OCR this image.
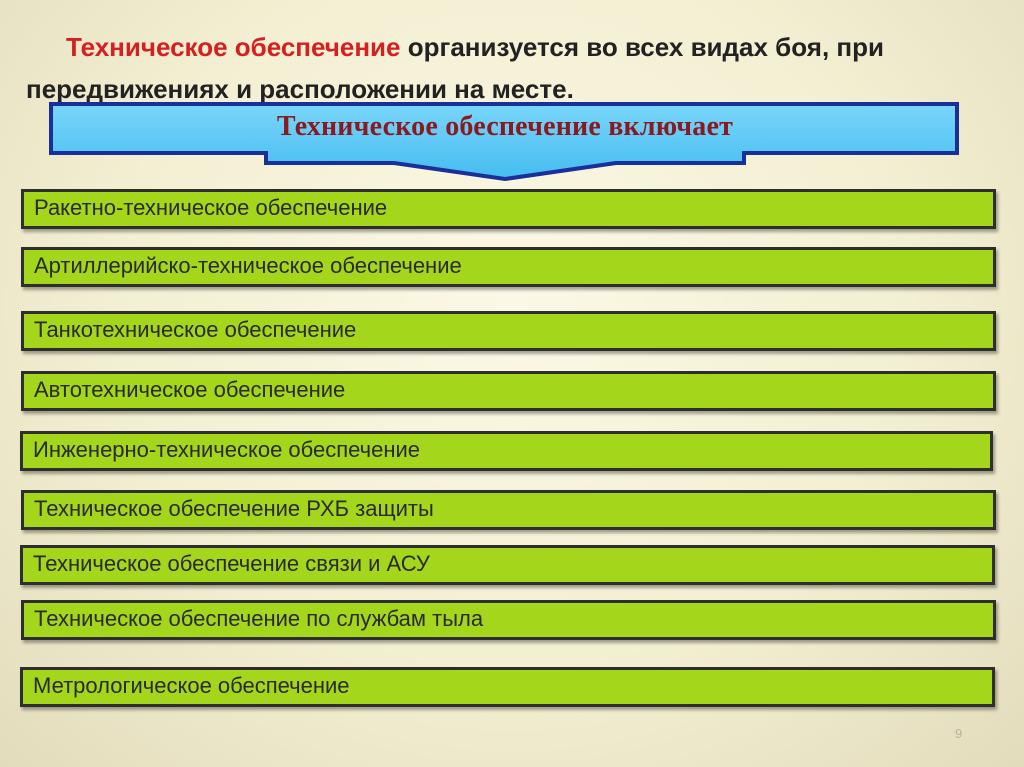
Техническое обеспечение организуется во всех видах боя, при
передвижениях и расположении на месте.
Техническое обеспечение включает
Ракетно-техническое обеспечение
Артиллерийско-техническое обеспечение
Танкотехническое обеспечение
Автотехническое обеспечение
Инженерно-техническое обеспечение
Техническое обеспечение РХБ защиты
Техническое обеспечение связи и АСУ
Техническое обеспечение по службам тыла
Метрологическое обеспечение
9
